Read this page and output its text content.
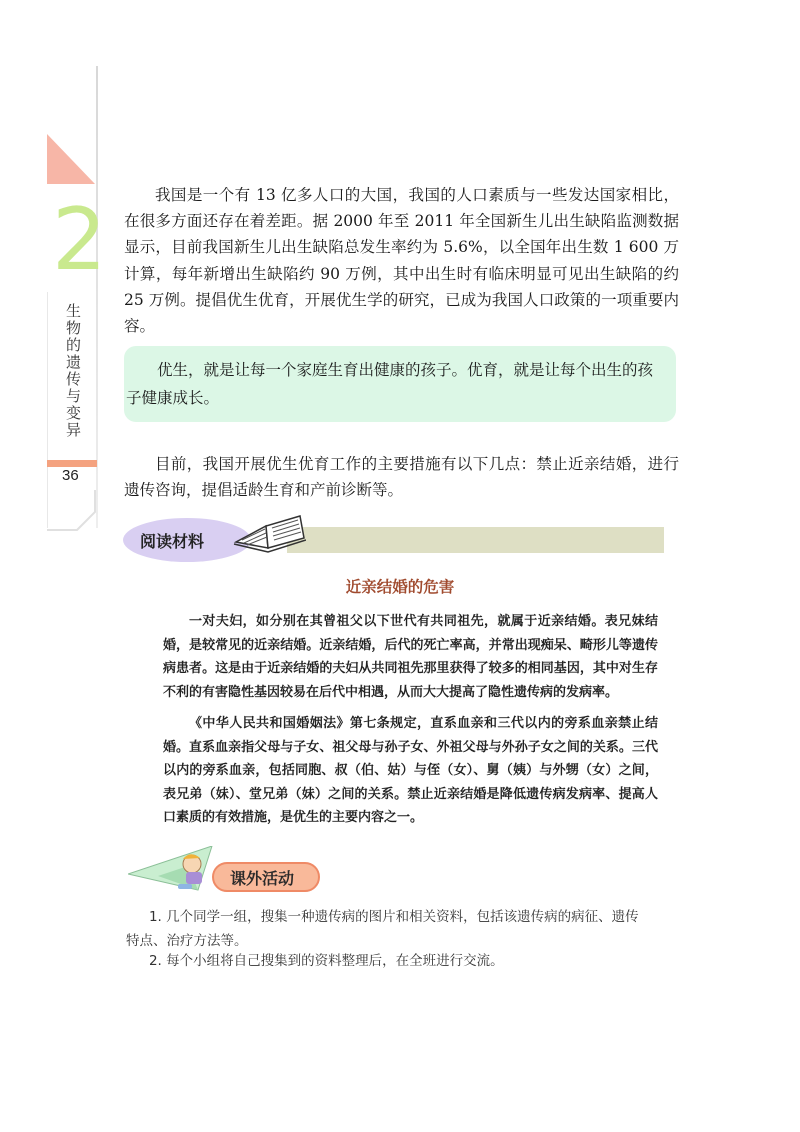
2
生物的遗传与变异
36
我国是一个有 13 亿多人口的大国，我国的人口素质与一些发达国家相比，在很多方面还存在着差距。据 2000 年至 2011 年全国新生儿出生缺陷监测数据显示，目前我国新生儿出生缺陷总发生率约为 5.6%，以全国年出生数 1 600 万计算，每年新增出生缺陷约 90 万例，其中出生时有临床明显可见出生缺陷的约 25 万例。提倡优生优育，开展优生学的研究，已成为我国人口政策的一项重要内容。
优生，就是让每一个家庭生育出健康的孩子。优育，就是让每个出生的孩子健康成长。
目前，我国开展优生优育工作的主要措施有以下几点：禁止近亲结婚，进行遗传咨询，提倡适龄生育和产前诊断等。
阅读材料
近亲结婚的危害
一对夫妇，如分别在其曾祖父以下世代有共同祖先，就属于近亲结婚。表兄妹结婚，是较常见的近亲结婚。近亲结婚，后代的死亡率高，并常出现痴呆、畸形儿等遗传病患者。这是由于近亲结婚的夫妇从共同祖先那里获得了较多的相同基因，其中对生存不利的有害隐性基因较易在后代中相遇，从而大大提高了隐性遗传病的发病率。
《中华人民共和国婚姻法》第七条规定，直系血亲和三代以内的旁系血亲禁止结婚。直系血亲指父母与子女、祖父母与孙子女、外祖父母与外孙子女之间的关系。三代以内的旁系血亲，包括同胞、叔（伯、姑）与侄（女）、舅（姨）与外甥（女）之间，表兄弟（妹）、堂兄弟（妹）之间的关系。禁止近亲结婚是降低遗传病发病率、提高人口素质的有效措施，是优生的主要内容之一。
课外活动
1. 几个同学一组，搜集一种遗传病的图片和相关资料，包括该遗传病的病征、遗传特点、治疗方法等。
2. 每个小组将自己搜集到的资料整理后，在全班进行交流。
